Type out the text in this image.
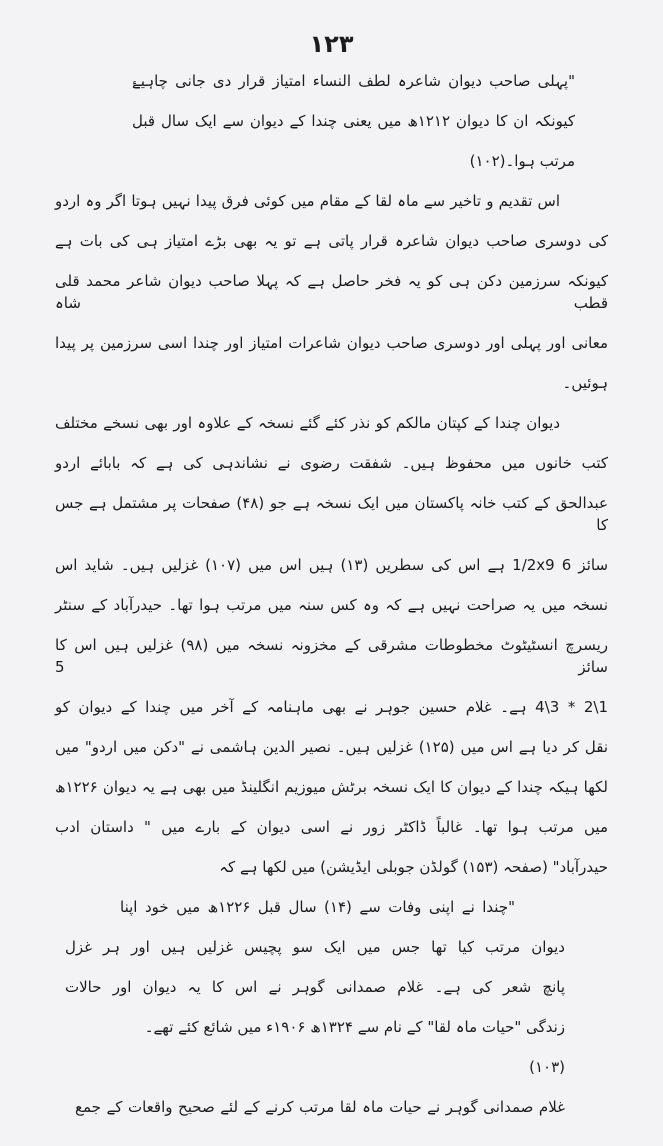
۱۲۳
"پہلی صاحب دیوان شاعرہ لطف النساء امتیاز قرار دی جانی چاہیۓ
کیونکہ ان کا دیوان ۱۲۱۲ھ میں یعنی چندا کے دیوان سے ایک سال قبل
مرتب ہوا۔(۱۰۲)
اس تقدیم و تاخیر سے ماہ لقا کے مقام میں کوئی فرق پیدا نہیں ہوتا اگر وہ اردو
کی دوسری صاحب دیوان شاعرہ قرار پاتی ہے تو یہ بھی بڑے امتیاز ہی کی بات ہے
کیونکہ سرزمین دکن ہی کو یہ فخر حاصل ہے کہ پہلا صاحب دیوان شاعر محمد قلی قطب شاہ
معانی اور پہلی اور دوسری صاحب دیوان شاعرات امتیاز اور چندا اسی سرزمین پر پیدا
ہوئیں۔
دیوان چندا کے کپتان مالکم کو نذر کئے گئے نسخہ کے علاوہ اور بھی نسخے مختلف
کتب خانوں میں محفوظ ہیں۔ شفقت رضوی نے نشاندہی کی ہے کہ بابائے اردو
عبدالحق کے کتب خانہ پاکستان میں ایک نسخہ ہے جو (۴۸) صفحات پر مشتمل ہے جس کا
سائز 6 1/2x9 ہے اس کی سطریں (۱۳) ہیں اس میں (۱۰۷) غزلیں ہیں۔ شاید اس
نسخہ میں یہ صراحت نہیں ہے کہ وہ کس سنہ میں مرتب ہوا تھا۔ حیدرآباد کے سنٹر
ریسرچ انسٹیٹوٹ مخطوطات مشرقی کے مخزونہ نسخہ میں (۹۸) غزلیں ہیں اس کا سائز 5
1\2 * 3\4 ہے۔ غلام حسین جوہر نے بھی ماہنامہ کے آخر میں چندا کے دیوان کو
نقل کر دیا ہے اس میں (۱۲۵) غزلیں ہیں۔ نصیر الدین ہاشمی نے "دکن میں اردو" میں
لکھا ہیکہ چندا کے دیوان کا ایک نسخہ برٹش میوزیم انگلینڈ میں بھی ہے یہ دیوان ۱۲۲۶ھ
میں مرتب ہوا تھا۔ غالباً ڈاکٹر زور نے اسی دیوان کے بارے میں " داستان ادب
حیدرآباد" (صفحہ (۱۵۳) گولڈن جوبلی ایڈیشن) میں لکھا ہے کہ
"چندا نے اپنی وفات سے (۱۴) سال قبل ۱۲۲۶ھ میں خود اپنا
دیوان مرتب کیا تھا جس میں ایک سو پچیس غزلیں ہیں اور ہر غزل
پانچ شعر کی ہے۔ غلام صمدانی گوہر نے اس کا یہ دیوان اور حالات
زندگی "حیات ماہ لقا" کے نام سے ۱۳۲۴ھ ۱۹۰۶ء میں شائع کئے تھے۔
(۱۰۳)
غلام صمدانی گوہر نے حیات ماہ لقا مرتب کرنے کے لئے صحیح واقعات کے جمع
